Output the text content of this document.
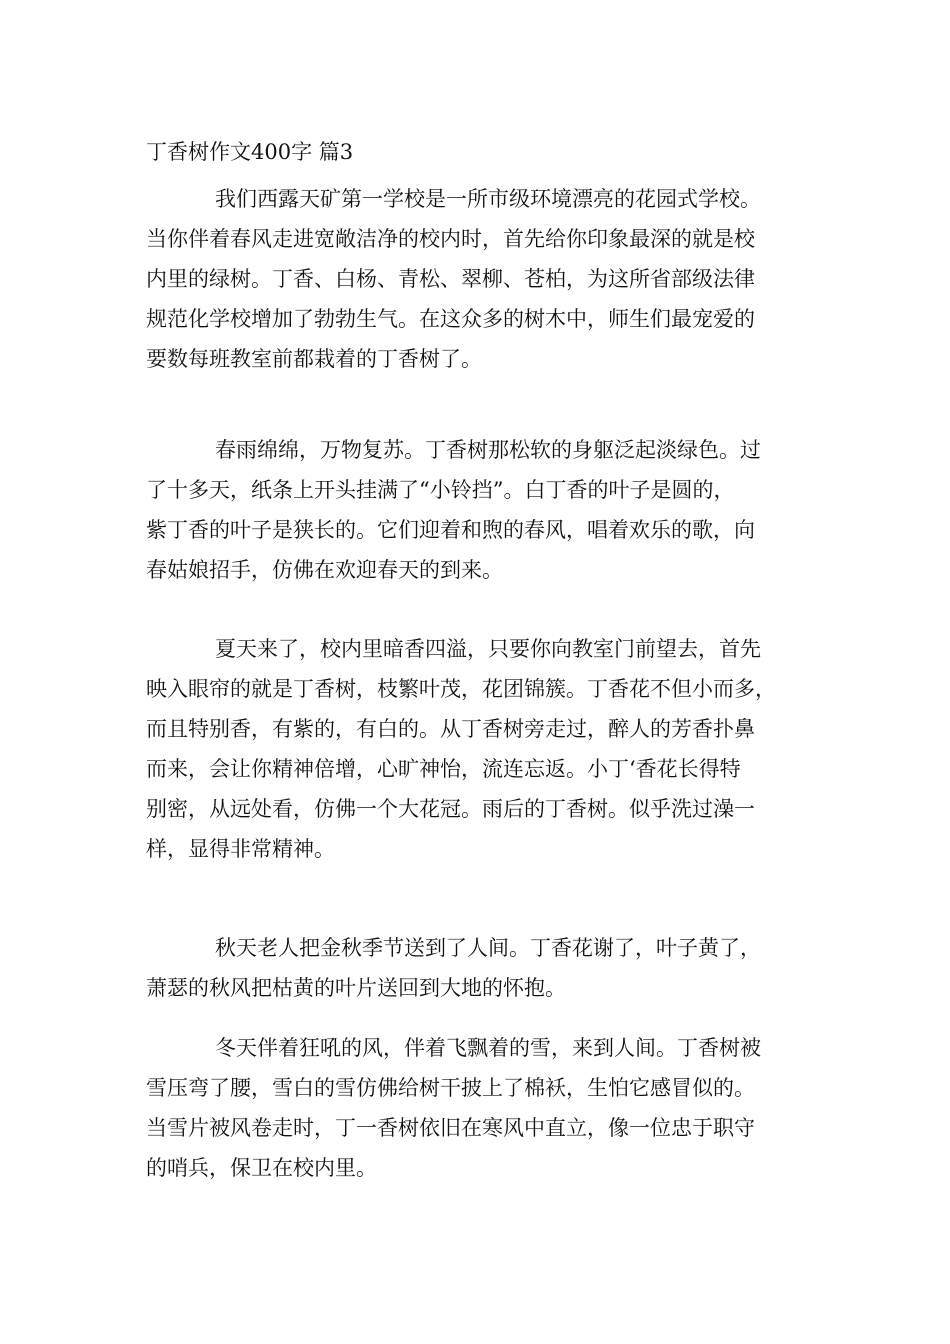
丁香树作文400字 篇3

我们西露天矿第一学校是一所市级环境漂亮的花园式学校。
当你伴着春风走进宽敞洁净的校内时，首先给你印象最深的就是校
内里的绿树。丁香、白杨、青松、翠柳、苍柏，为这所省部级法律
规范化学校增加了勃勃生气。在这众多的树木中，师生们最宠爱的
要数每班教室前都栽着的丁香树了。

春雨绵绵，万物复苏。丁香树那松软的身躯泛起淡绿色。过
了十多天，纸条上开头挂满了“小铃挡”。白丁香的叶子是圆的，
紫丁香的叶子是狭长的。它们迎着和煦的春风，唱着欢乐的歌，向
春姑娘招手，仿佛在欢迎春天的到来。

夏天来了，校内里暗香四溢，只要你向教室门前望去，首先
映入眼帘的就是丁香树，枝繁叶茂，花团锦簇。丁香花不但小而多，
而且特别香，有紫的，有白的。从丁香树旁走过，醉人的芳香扑鼻
而来，会让你精神倍增，心旷神怡，流连忘返。小丁‘香花长得特
别密，从远处看，仿佛一个大花冠。雨后的丁香树。似乎洗过澡一
样，显得非常精神。

秋天老人把金秋季节送到了人间。丁香花谢了，叶子黄了，
萧瑟的秋风把枯黄的叶片送回到大地的怀抱。

冬天伴着狂吼的风，伴着飞飘着的雪，来到人间。丁香树被
雪压弯了腰，雪白的雪仿佛给树干披上了棉袄，生怕它感冒似的。
当雪片被风卷走时，丁一香树依旧在寒风中直立，像一位忠于职守
的哨兵，保卫在校内里。
